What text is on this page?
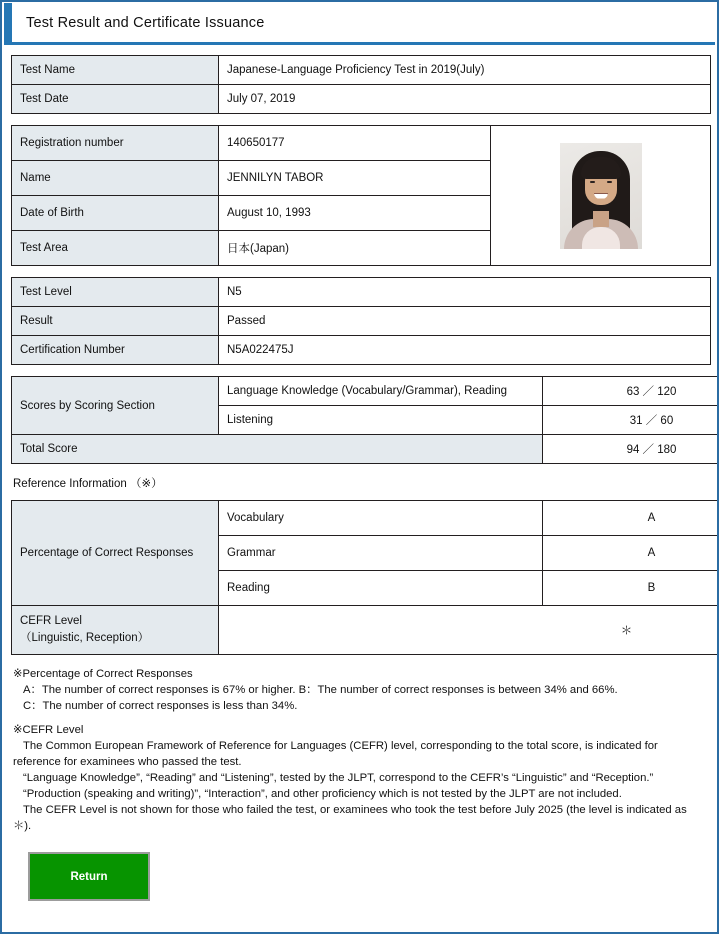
Test Result and Certificate Issuance
Test Name	Japanese-Language Proficiency Test in 2019(July)
Test Date	July 07, 2019
Registration number	140650177	

Name	JENNILYN TABOR	
Date of Birth	August 10, 1993	
Test Area	日本(Japan)	
Test Level	N5
Result	Passed
Certification Number	N5A022475J
Scores by Scoring Section	Language Knowledge (Vocabulary/Grammar), Reading	63 ／ 120
	Listening	31 ／ 60
Total Score		94 ／ 180
Reference Information （※）
Percentage of Correct Responses	Vocabulary	A
	Grammar	A
	Reading	B

CEFR Level
（Linguistic, Reception）	＊	
※Percentage of Correct Responses
A：The number of correct responses is 67% or higher. B：The number of correct responses is between 34% and 66%.
C：The number of correct responses is less than 34%.
※CEFR Level
The Common European Framework of Reference for Languages (CEFR) level, corresponding to the total score, is indicated for reference for examinees who passed the test.
“Language Knowledge”, “Reading” and “Listening”, tested by the JLPT, correspond to the CEFR’s “Linguistic” and “Reception.”
“Production (speaking and writing)”, “Interaction”, and other proficiency which is not tested by the JLPT are not included.
The CEFR Level is not shown for those who failed the test, or examinees who took the test before July 2025 (the level is indicated as ＊).
Return
